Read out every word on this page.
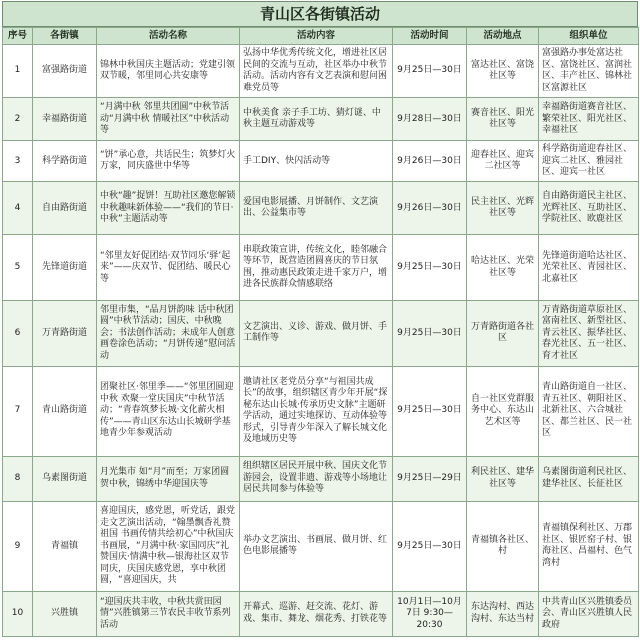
青山区各街镇活动
序号	各街镇	活动名称	活动内容	活动时间	活动地点	组织单位
1	富强路街道	锦林中秋国庆主题活动；党建引领双节暖，邻里同心共安康等	弘扬中华优秀传统文化，增进社区居民间的交流与互动，社区举办中秋节活动。活动内容有文艺表演和慰问困难党员等	9月25日—30日	富达社区、富饶社区等	富强路办事处富达社区、富饶社区、富润社区、丰产社区、锦林社区富源社区
2	幸福路街道	“月满中秋 邻里共团圆”中秋节活动“月满中秋 情暖社区”中秋活动等	中秋美食 亲子手工坊、猜灯谜、中秋主题互动游戏等	9月28日—30日	赛音社区、阳光社区等	幸福路街道赛音社区、繁荣社区、阳光社区、幸福社区
3	科学路街道	“饼”承心意，共话民生；筑梦灯火万家，同庆盛世中华等	手工DIY、快闪活动等	9月26日—30日	迎春社区、迎宾二社区等	科学路街道迎春社区、迎宾二社区、雅园社区、迎宾一社区
4	自由路街道	中秋“趣”捉饼！互助社区邀您解锁中秋趣味新体验——“我们的节日·中秋”主题活动等	爱国电影展播、月饼制作、文艺演出、公益集市等	9月26日—30日	民主社区、光辉社区等	自由路街道民主社区、光辉社区、互助社区、学院社区、欧鹿社区
5	先锋道街道	“邻里友好促团结·双节同乐‘驿’起来”——庆双节、促团结、暖民心等	串联政策宣讲，传统文化，睦邻融合等环节，既营造团圆喜庆的节日氛围，推动惠民政策走进千家万户，增进各民族群众情感联络	9月25日—30日	哈达社区、光荣社区等	先锋道街道哈达社区、光荣社区、青园社区、北嘉社区
6	万青路街道	邻里市集，“品月饼韵味 话中秋团圆”中秋节活动；国庆、中秋晚会；书法创作活动；未成年人创意画卷涂色活动；“月饼传递”慰问活动	文艺演出、义诊、游戏、做月饼、手工制作等	9月25日—30日	万青路街道各社区	万青路街道草原社区、富南社区、新型社区、青云社区、振华社区、春光社区、五一社区、育才社区
7	青山路街道	团聚社区·邻里季——“邻里团圆迎中秋 欢聚一堂庆国庆”中秋节活动；“青春筑梦长城·文化薪火相传”——青山区东达山长城研学基地青少年参观活动	邀请社区老党员分享“与祖国共成长”的故事，组织辖区青少年开展“探秘东达山长城·传承历史文脉”主题研学活动，通过实地探访、互动体验等形式，引导青少年深入了解长城文化及地域历史等	9月25日—30日	自一社区党群服务中心、东达山艺术区等	青山路街道自一社区、青五社区、朝阳社区、北新社区、六合城社区、都兰社区、民一社区
8	乌素图街道	月光集市 如“月”而至；万家团圆贺中秋，锦绣中华迎国庆等	组织辖区居民开展中秋、国庆文化节游园会，设置非遗、游戏等小场地让居民共同参与体验等	9月25日—29日	利民社区、建华社区等	乌素图街道利民社区、建华社区、长征社区
9	青福镇	喜迎国庆，感党恩，听党话，跟党走文艺演出活动，“翰墨飘香礼赞祖国 书画传情共绘初心”中秋国庆书画展，“月满中秋·家国同庆”礼赞国庆·情满中秋—银海社区双节同庆，庆国庆感党恩，享中秋团圆，“喜迎国庆，共	举办文艺演出、书画展、做月饼、红色电影展播等	9月25日—30日	青福镇各社区、村	青福镇保利社区、万郡社区、银匠窑子村、银海社区、昌福村、色气湾村
10	兴胜镇	“迎国庆共丰收，中秋共赏田园情”兴胜镇第三节农民丰收节系列活动	开幕式、巡游、赶交流、花灯、游戏、集市、舞龙、烟花秀、打铁花等	10月1日—10月7日 9:30—20:30	东达沟村、西达沟村、东达当村	中共青山区兴胜镇委员会、青山区兴胜镇人民政府
